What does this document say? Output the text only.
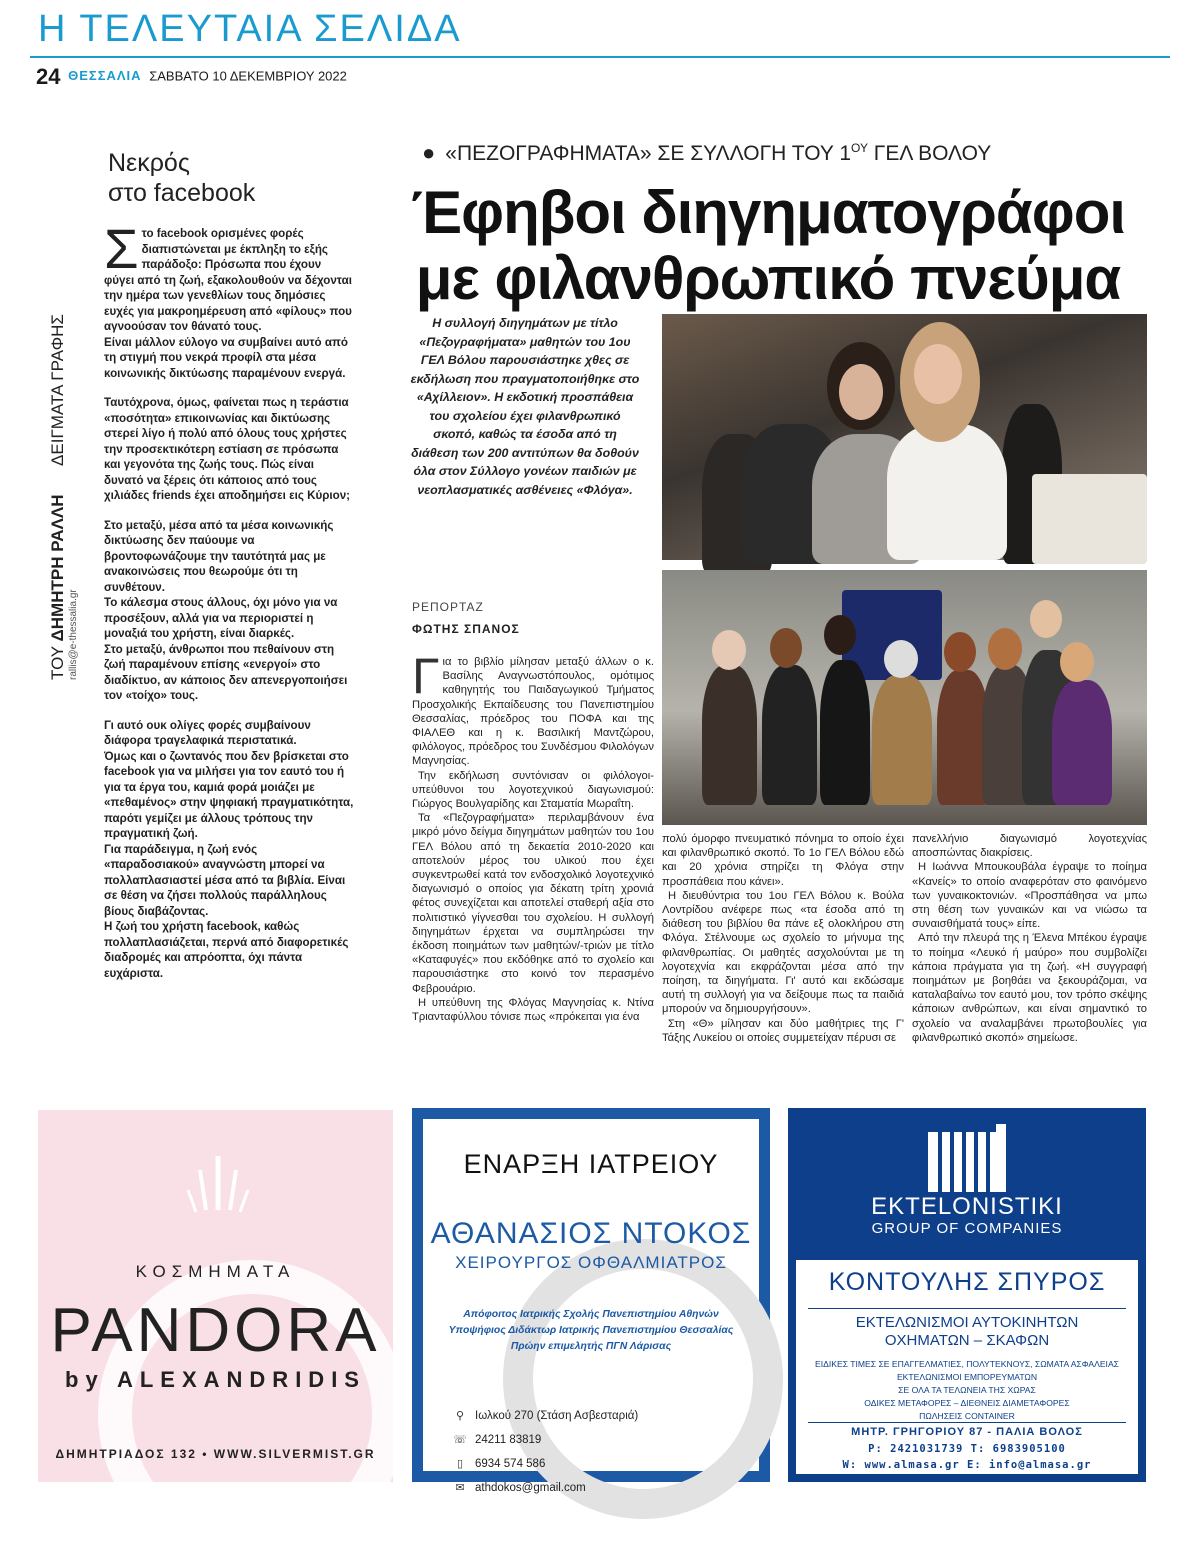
Η ΤΕΛΕΥΤΑΙΑ ΣΕΛΙΔΑ
24 ΘΕΣΣΑΛΙΑ ΣΑΒΒΑΤΟ 10 ΔΕΚΕΜΒΡΙΟΥ 2022
Νεκρός
στο facebook
ΤΟΥ ΔΗΜΗΤΡΗ ΡΑΛΛΗ  ΔΕΙΓΜΑΤΑ ΓΡΑΦΗΣ
rallis@e-thessalia.gr

Στο facebook ορισμένες φορές διαπιστώνεται με έκπληξη το εξής παράδοξο: Πρόσωπα που έχουν φύγει από τη ζωή, εξακολουθούν να δέχονται την ημέρα των γενεθλίων τους δημόσιες ευχές για μακροημέρευση από «φίλους» που αγνοούσαν τον θάνατό τους.
Είναι μάλλον εύλογο να συμβαίνει αυτό από τη στιγμή που νεκρά προφίλ στα μέσα κοινωνικής δικτύωσης παραμένουν ενεργά.

Ταυτόχρονα, όμως, φαίνεται πως η τεράστια «ποσότητα» επικοινωνίας και δικτύωσης στερεί λίγο ή πολύ από όλους τους χρήστες την προσεκτικότερη εστίαση σε πρόσωπα και γεγονότα της ζωής τους. Πώς είναι δυνατό να ξέρεις ότι κάποιος από τους χιλιάδες friends έχει αποδημήσει εις Κύριον;

Στο μεταξύ, μέσα από τα μέσα κοινωνικής δικτύωσης δεν παύουμε να βροντοφωνάζουμε την ταυτότητά μας με ανακοινώσεις που θεωρούμε ότι τη συνθέτουν.
Το κάλεσμα στους άλλους, όχι μόνο για να προσέξουν, αλλά για να περιοριστεί η μοναξιά του χρήστη, είναι διαρκές.
Στο μεταξύ, άνθρωποι που πεθαίνουν στη ζωή παραμένουν επίσης «ενεργοί» στο διαδίκτυο, αν κάποιος δεν απενεργοποιήσει τον «τοίχο» τους.

Γι αυτό ουκ ολίγες φορές συμβαίνουν διάφορα τραγελαφικά περιστατικά.
Όμως και ο ζωντανός που δεν βρίσκεται στο facebook για να μιλήσει για τον εαυτό του ή για τα έργα του, καμιά φορά μοιάζει με «πεθαμένος» στην ψηφιακή πραγματικότητα, παρότι γεμίζει με άλλους τρόπους την πραγματική ζωή.
Για παράδειγμα, η ζωή ενός «παραδοσιακού» αναγνώστη μπορεί να πολλαπλασιαστεί μέσα από τα βιβλία. Είναι σε θέση να ζήσει πολλούς παράλληλους βίους διαβάζοντας.
Η ζωή του χρήστη facebook, καθώς πολλαπλασιάζεται, περνά από διαφορετικές διαδρομές και απρόοπτα, όχι πάντα ευχάριστα.

● «ΠΕΖΟΓΡΑΦΗΜΑΤΑ» ΣΕ ΣΥΛΛΟΓΗ ΤΟΥ $1^{O\Upsilon}$ ΓΕΛ ΒΟΛΟΥ
Έφηβοι διηγηματογράφοι
με φιλανθρωπικό πνεύμα
Η συλλογή διηγημάτων με τίτλο «Πεζογραφήματα» μαθητών του 1ου ΓΕΛ Βόλου παρουσιάστηκε χθες σε εκδήλωση που πραγματοποιήθηκε στο «Αχίλλειον». Η εκδοτική προσπάθεια του σχολείου έχει φιλανθρωπικό σκοπό, καθώς τα έσοδα από τη διάθεση των 200 αντιτύπων θα δοθούν όλα στον Σύλλογο γονέων παιδιών με νεοπλασματικές ασθένειες «Φλόγα».
ΡΕΠΟΡΤΑΖ
ΦΩΤΗΣ ΣΠΑΝΟΣ

Για το βιβλίο μίλησαν μεταξύ άλλων ο κ. Βασίλης Αναγνωστόπουλος, ομότιμος καθηγητής του Παιδαγωγικού Τμήματος Προσχολικής Εκπαίδευσης του Πανεπιστημίου Θεσσαλίας, πρόεδρος του ΠΟΦΑ και της ΦΙΑΛΕΘ και η κ. Βασιλική Μαντζώρου, φιλόλογος, πρόεδρος του Συνδέσμου Φιλολόγων Μαγνησίας.

Την εκδήλωση συντόνισαν οι φιλόλογοι-υπεύθυνοι του λογοτεχνικού διαγωνισμού: Γιώργος Βουλγαρίδης και Σταματία Μωραΐτη.

Τα «Πεζογραφήματα» περιλαμβάνουν ένα μικρό μόνο δείγμα διηγημάτων μαθητών του 1ου ΓΕΛ Βόλου από τη δεκαετία 2010-2020 και αποτελούν μέρος του υλικού που έχει συγκεντρωθεί κατά τον ενδοσχολικό λογοτεχνικό διαγωνισμό ο οποίος για δέκατη τρίτη χρονιά φέτος συνεχίζεται και αποτελεί σταθερή αξία στο πολιτιστικό γίγνεσθαι του σχολείου. Η συλλογή διηγημάτων έρχεται να συμπληρώσει την έκδοση ποιημάτων των μαθητών/-τριών με τίτλο «Καταφυγές» που εκδόθηκε από το σχολείο και παρουσιάστηκε στο κοινό τον περασμένο Φεβρουάριο.

Η υπεύθυνη της Φλόγας Μαγνησίας κ. Ντίνα Τριανταφύλλου τόνισε πως «πρόκειται για ένα

πολύ όμορφο πνευματικό πόνημα το οποίο έχει και φιλανθρωπικό σκοπό. Το 1ο ΓΕΛ Βόλου εδώ και 20 χρόνια στηρίζει τη Φλόγα στην προσπάθεια που κάνει».

Η διευθύντρια του 1ου ΓΕΛ Βόλου κ. Βούλα Λοντρίδου ανέφερε πως «τα έσοδα από τη διάθεση του βιβλίου θα πάνε εξ ολοκλήρου στη Φλόγα. Στέλνουμε ως σχολείο το μήνυμα της φιλανθρωπίας. Οι μαθητές ασχολούνται με τη λογοτεχνία και εκφράζονται μέσα από την ποίηση, τα διηγήματα. Γι' αυτό και εκδώσαμε αυτή τη συλλογή για να δείξουμε πως τα παιδιά μπορούν να δημιουργήσουν».

Στη «Θ» μίλησαν και δύο μαθήτριες της Γ' Τάξης Λυκείου οι οποίες συμμετείχαν πέρυσι σε

πανελλήνιο διαγωνισμό λογοτεχνίας αποσπώντας διακρίσεις.

Η Ιωάννα Μπουκουβάλα έγραψε το ποίημα «Κανείς» το οποίο αναφερόταν στο φαινόμενο των γυναικοκτονιών. «Προσπάθησα να μπω στη θέση των γυναικών και να νιώσω τα συναισθήματά τους» είπε.

Από την πλευρά της η Έλενα Μπέκου έγραψε το ποίημα «Λευκό ή μαύρο» που συμβολίζει κάποια πράγματα για τη ζωή. «Η συγγραφή ποιημάτων με βοηθάει να ξεκουράζομαι, να καταλαβαίνω τον εαυτό μου, τον τρόπο σκέψης κάποιων ανθρώπων, και είναι σημαντικό το σχολείο να αναλαμβάνει πρωτοβουλίες για φιλανθρωπικό σκοπό» σημείωσε.

ΚΟΣΜΗΜΑΤΑ
PANDORA
by ALEXANDRIDIS
ΔΗΜΗΤΡΙΑΔΟΣ 132 • WWW.SILVERMIST.GR
ΕΝΑΡΞΗ ΙΑΤΡΕΙΟΥ
ΑΘΑΝΑΣΙΟΣ ΝΤΟΚΟΣ
ΧΕΙΡΟΥΡΓΟΣ ΟΦΘΑΛΜΙΑΤΡΟΣ
Απόφοιτος Ιατρικής Σχολής Πανεπιστημίου Αθηνών
Υποψήφιος Διδάκτωρ Ιατρικής Πανεπιστημίου Θεσσαλίας
Πρώην επιμελητής ΠΓΝ Λάρισας
⚲ Ιωλκού 270 (Στάση Ασβεσταριά)
☏ 24211 83819
▯ 6934 574 586
✉ athdokos@gmail.com
EKTELONISTIKI
GROUP OF COMPANIES
ΚΟΝΤΟΥΛΗΣ ΣΠΥΡΟΣ
ΕΚΤΕΛΩΝΙΣΜΟΙ ΑΥΤΟΚΙΝΗΤΩΝ
ΟΧΗΜΑΤΩΝ – ΣΚΑΦΩΝ
ΕΙΔΙΚΕΣ ΤΙΜΕΣ ΣΕ ΕΠΑΓΓΕΛΜΑΤΙΕΣ, ΠΟΛΥΤΕΚΝΟΥΣ, ΣΩΜΑΤΑ ΑΣΦΑΛΕΙΑΣ
ΕΚΤΕΛΩΝΙΣΜΟΙ ΕΜΠΟΡΕΥΜΑΤΩΝ
ΣΕ ΟΛΑ ΤΑ ΤΕΛΩΝΕΙΑ ΤΗΣ ΧΩΡΑΣ
ΟΔΙΚΕΣ ΜΕΤΑΦΟΡΕΣ – ΔΙΕΘΝΕΙΣ ΔΙΑΜΕΤΑΦΟΡΕΣ
ΠΩΛΗΣΕΙΣ CONTAINER
ΜΗΤΡ. ΓΡΗΓΟΡΙΟΥ 87 - ΠΑΛΙΑ ΒΟΛΟΣ
Ρ: 2421031739 Τ: 6983905100
W: www.almasa.gr E: info@almasa.gr
